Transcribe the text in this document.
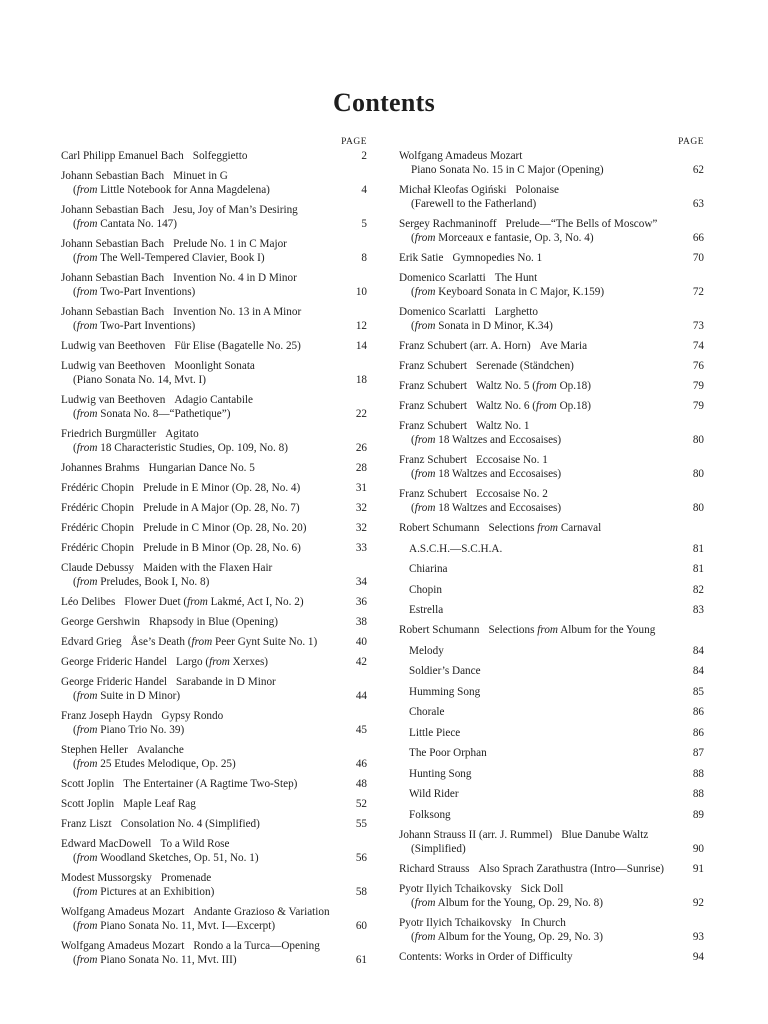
Contents
PAGE
Carl Philipp Emanuel Bach Solfeggietto	2
Johann Sebastian Bach Minuet in G
(from Little Notebook for Anna Magdelena)	4
Johann Sebastian Bach Jesu, Joy of Man’s Desiring
(from Cantata No. 147)	5
Johann Sebastian Bach Prelude No. 1 in C Major
(from The Well-Tempered Clavier, Book I)	8
Johann Sebastian Bach Invention No. 4 in D Minor
(from Two-Part Inventions)	10
Johann Sebastian Bach Invention No. 13 in A Minor
(from Two-Part Inventions)	12
Ludwig van Beethoven Für Elise (Bagatelle No. 25)	14
Ludwig van Beethoven Moonlight Sonata
(Piano Sonata No. 14, Mvt. I)	18
Ludwig van Beethoven Adagio Cantabile
(from Sonata No. 8—“Pathetique”)	22
Friedrich Burgmüller Agitato
(from 18 Characteristic Studies, Op. 109, No. 8)	26
Johannes Brahms Hungarian Dance No. 5	28
Frédéric Chopin Prelude in E Minor (Op. 28, No. 4)	31
Frédéric Chopin Prelude in A Major (Op. 28, No. 7)	32
Frédéric Chopin Prelude in C Minor (Op. 28, No. 20)	32
Frédéric Chopin Prelude in B Minor (Op. 28, No. 6)	33
Claude Debussy Maiden with the Flaxen Hair
(from Preludes, Book I, No. 8)	34
Léo Delibes Flower Duet (from Lakmé, Act I, No. 2)	36
George Gershwin Rhapsody in Blue (Opening)	38
Edvard Grieg Åse’s Death (from Peer Gynt Suite No. 1)	40
George Frideric Handel Largo (from Xerxes)	42
George Frideric Handel Sarabande in D Minor
(from Suite in D Minor)	44
Franz Joseph Haydn Gypsy Rondo
(from Piano Trio No. 39)	45
Stephen Heller Avalanche
(from 25 Etudes Melodique, Op. 25)	46
Scott Joplin The Entertainer (A Ragtime Two-Step)	48
Scott Joplin Maple Leaf Rag	52
Franz Liszt Consolation No. 4 (Simplified)	55
Edward MacDowell To a Wild Rose
(from Woodland Sketches, Op. 51, No. 1)	56
Modest Mussorgsky Promenade
(from Pictures at an Exhibition)	58
Wolfgang Amadeus Mozart Andante Grazioso & Variation
(from Piano Sonata No. 11, Mvt. I—Excerpt)	60
Wolfgang Amadeus Mozart Rondo a la Turca—Opening
(from Piano Sonata No. 11, Mvt. III)	61
PAGE
Wolfgang Amadeus Mozart
Piano Sonata No. 15 in C Major (Opening)	62
Michał Kleofas Ogiński Polonaise
(Farewell to the Fatherland)	63
Sergey Rachmaninoff Prelude—“The Bells of Moscow”
(from Morceaux e fantasie, Op. 3, No. 4)	66
Erik Satie Gymnopedies No. 1	70
Domenico Scarlatti The Hunt
(from Keyboard Sonata in C Major, K.159)	72
Domenico Scarlatti Larghetto
(from Sonata in D Minor, K.34)	73
Franz Schubert (arr. A. Horn) Ave Maria	74
Franz Schubert Serenade (Ständchen)	76
Franz Schubert Waltz No. 5 (from Op.18)	79
Franz Schubert Waltz No. 6 (from Op.18)	79
Franz Schubert Waltz No. 1
(from 18 Waltzes and Eccosaises)	80
Franz Schubert Eccosaise No. 1
(from 18 Waltzes and Eccosaises)	80
Franz Schubert Eccosaise No. 2
(from 18 Waltzes and Eccosaises)	80
Robert Schumann Selections from Carnaval
A.S.C.H.—S.C.H.A.	81
Chiarina	81
Chopin	82
Estrella	83
Robert Schumann Selections from Album for the Young
Melody	84
Soldier’s Dance	84
Humming Song	85
Chorale	86
Little Piece	86
The Poor Orphan	87
Hunting Song	88
Wild Rider	88
Folksong	89
Johann Strauss II (arr. J. Rummel) Blue Danube Waltz
(Simplified)	90
Richard Strauss Also Sprach Zarathustra (Intro—Sunrise)	91
Pyotr Ilyich Tchaikovsky Sick Doll
(from Album for the Young, Op. 29, No. 8)	92
Pyotr Ilyich Tchaikovsky In Church
(from Album for the Young, Op. 29, No. 3)	93
Contents: Works in Order of Difficulty	94
